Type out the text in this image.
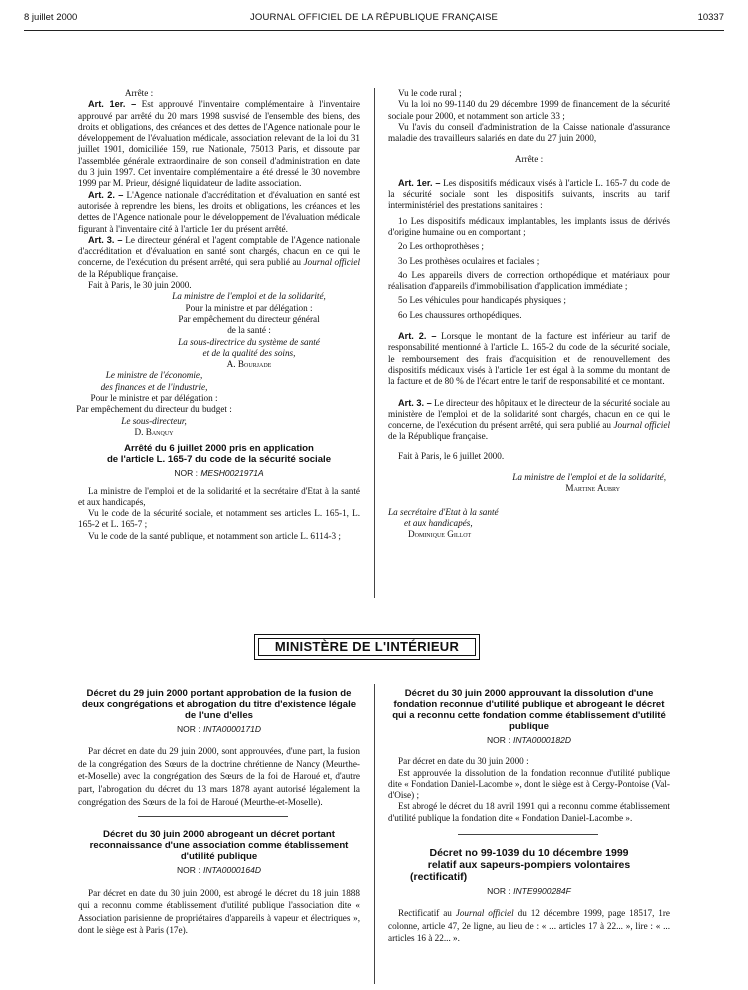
8 juillet 2000	JOURNAL OFFICIEL DE LA RÉPUBLIQUE FRANÇAISE	10337

Arrête :

Art. 1er. – Est approuvé l'inventaire complémentaire à l'inventaire approuvé par arrêté du 20 mars 1998 susvisé de l'ensemble des biens, des droits et obligations, des créances et des dettes de l'Agence nationale pour le développement de l'évaluation médicale, association relevant de la loi du 31 juillet 1901, domiciliée 159, rue Nationale, 75013 Paris, et dissoute par l'assemblée générale extraordinaire de son conseil d'administration en date du 3 juin 1997. Cet inventaire complémentaire a été dressé le 30 novembre 1999 par M. Prieur, désigné liquidateur de ladite association.

Art. 2. – L'Agence nationale d'accréditation et d'évaluation en santé est autorisée à reprendre les biens, les droits et obligations, les créances et les dettes de l'Agence nationale pour le développement de l'évaluation médicale figurant à l'inventaire cité à l'article 1er du présent arrêté.

Art. 3. – Le directeur général et l'agent comptable de l'Agence nationale d'accréditation et d'évaluation en santé sont chargés, chacun en ce qui le concerne, de l'exécution du présent arrêté, qui sera publié au Journal officiel de la République française.

Fait à Paris, le 30 juin 2000.

La ministre de l'emploi et de la solidarité,

Pour la ministre et par délégation :

Par empêchement du directeur général

de la santé :

La sous-directrice du système de santé

et de la qualité des soins,

A. Bourjade

Le ministre de l'économie,

des finances et de l'industrie,

Pour le ministre et par délégation :

Par empêchement du directeur du budget :

Le sous-directeur,

D. Banquy

Arrêté du 6 juillet 2000 pris en application

de l'article L. 165-7 du code de la sécurité sociale

NOR : MESH0021971A

La ministre de l'emploi et de la solidarité et la secrétaire d'Etat à la santé et aux handicapés,

Vu le code de la sécurité sociale, et notamment ses articles L. 165-1, L. 165-2 et L. 165-7 ;

Vu le code de la santé publique, et notamment son article L. 6114-3 ;

Vu le code rural ;

Vu la loi no 99-1140 du 29 décembre 1999 de financement de la sécurité sociale pour 2000, et notamment son article 33 ;

Vu l'avis du conseil d'administration de la Caisse nationale d'assurance maladie des travailleurs salariés en date du 27 juin 2000,

Arrête :

Art. 1er. – Les dispositifs médicaux visés à l'article L. 165-7 du code de la sécurité sociale sont les dispositifs suivants, inscrits au tarif interministériel des prestations sanitaires :

1o Les dispositifs médicaux implantables, les implants issus de dérivés d'origine humaine ou en comportant ;

2o Les orthoprothèses ;

3o Les prothèses oculaires et faciales ;

4o Les appareils divers de correction orthopédique et matériaux pour réalisation d'appareils d'immobilisation d'application immédiate ;

5o Les véhicules pour handicapés physiques ;

6o Les chaussures orthopédiques.

Art. 2. – Lorsque le montant de la facture est inférieur au tarif de responsabilité mentionné à l'article L. 165-2 du code de la sécurité sociale, le remboursement des frais d'acquisition et de renouvellement des dispositifs médicaux visés à l'article 1er est égal à la somme du montant de la facture et de 80 % de l'écart entre le tarif de responsabilité et ce montant.

Art. 3. – Le directeur des hôpitaux et le directeur de la sécurité sociale au ministère de l'emploi et de la solidarité sont chargés, chacun en ce qui le concerne, de l'exécution du présent arrêté, qui sera publié au Journal officiel de la République française.

Fait à Paris, le 6 juillet 2000.

La ministre de l'emploi et de la solidarité,

Martine Aubry

La secrétaire d'Etat à la santé

et aux handicapés,

Dominique Gillot

MINISTÈRE DE L'INTÉRIEUR

Décret du 29 juin 2000 portant approbation de la fusion de deux congrégations et abrogation du titre d'existence légale de l'une d'elles

NOR : INTA0000171D

Par décret en date du 29 juin 2000, sont approuvées, d'une part, la fusion de la congrégation des Sœurs de la doctrine chrétienne de Nancy (Meurthe-et-Moselle) avec la congrégation des Sœurs de la foi de Haroué et, d'autre part, l'abrogation du décret du 13 mars 1878 ayant autorisé légalement la congrégation des Sœurs de la foi de Haroué (Meurthe-et-Moselle).

Décret du 30 juin 2000 abrogeant un décret portant reconnaissance d'une association comme établissement d'utilité publique

NOR : INTA0000164D

Par décret en date du 30 juin 2000, est abrogé le décret du 18 juin 1888 qui a reconnu comme établissement d'utilité publique l'association dite « Association parisienne de propriétaires d'appareils à vapeur et électriques », dont le siège est à Paris (17e).

Décret du 30 juin 2000 approuvant la dissolution d'une fondation reconnue d'utilité publique et abrogeant le décret qui a reconnu cette fondation comme établissement d'utilité publique

NOR : INTA0000182D

Par décret en date du 30 juin 2000 :

Est approuvée la dissolution de la fondation reconnue d'utilité publique dite « Fondation Daniel-Lacombe », dont le siège est à Cergy-Pontoise (Val-d'Oise) ;

Est abrogé le décret du 18 avril 1991 qui a reconnu comme établissement d'utilité publique la fondation dite « Fondation Daniel-Lacombe ».

Décret no 99-1039 du 10 décembre 1999

relatif aux sapeurs-pompiers volontaires

(rectificatif)

NOR : INTE9900284F

Rectificatif au Journal officiel du 12 décembre 1999, page 18517, 1re colonne, article 47, 2e ligne, au lieu de : « ... articles 17 à 22... », lire : « ... articles 16 à 22... ».
